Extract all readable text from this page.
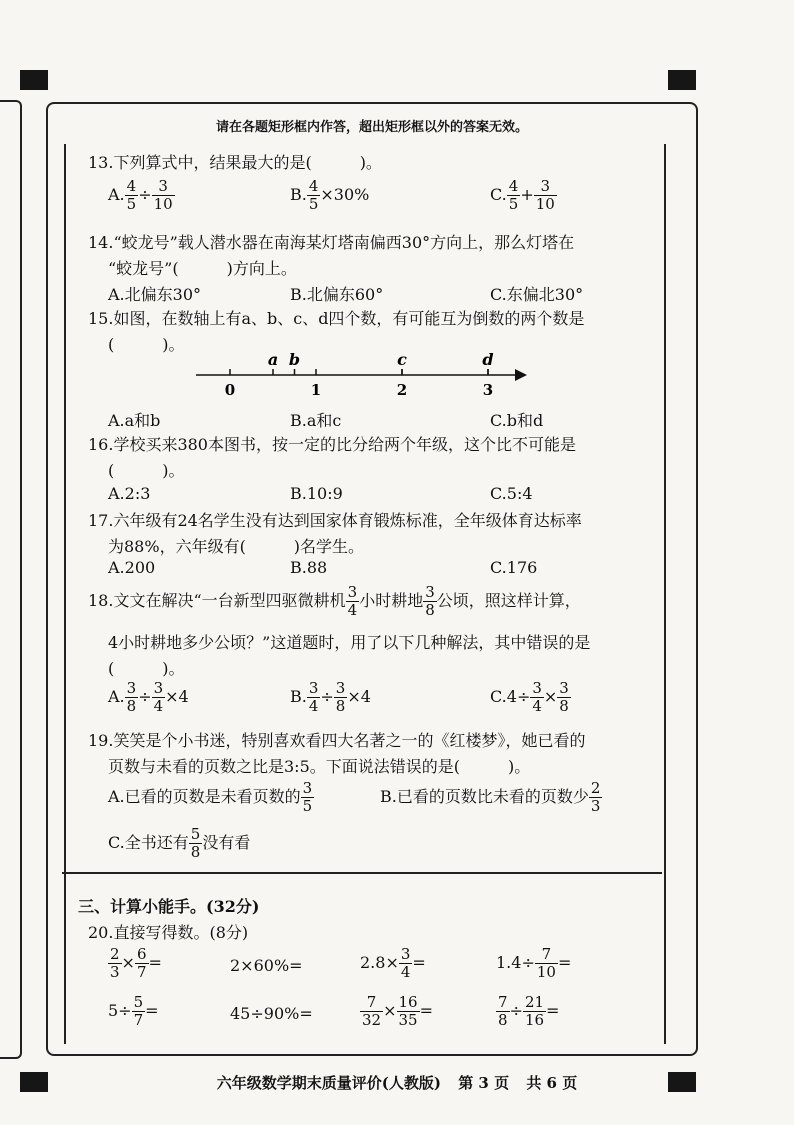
请在各题矩形框内作答，超出矩形框以外的答案无效。
13.下列算式中，结果最大的是(　　　)。
A. $\frac{4}{5} \div \frac{3}{10}$	B. $\frac{4}{5} \times 30\%$	C. $\frac{4}{5} + \frac{3}{10}$
14.“蛟龙号”载人潜水器在南海某灯塔南偏西30°方向上，那么灯塔在
“蛟龙号”(　　　)方向上。
A.北偏东30°	B.北偏东60°	C.东偏北30°
15.如图，在数轴上有a、b、c、d四个数，有可能互为倒数的两个数是
(　　　)。
0	1	2	3
a b	c	d
A.a和b	B.a和c	C.b和d
16.学校买来380本图书，按一定的比分给两个年级，这个比不可能是
(　　　)。
A.2:3	B.10:9	C.5:4
17.六年级有24名学生没有达到国家体育锻炼标准，全年级体育达标率
为88%，六年级有(　　　)名学生。
A.200	B.88	C.176
18.文文在解决“一台新型四驱微耕机 $\frac{3}{4}$ 小时耕地 $\frac{3}{8}$ 公顷，照这样计算，
4小时耕地多少公顷？”这道题时，用了以下几种解法，其中错误的是
(　　　)。
A. $\frac{3}{8} \div \frac{3}{4} \times 4$	B. $\frac{3}{4} \div \frac{3}{8} \times 4$	$C.4\div \frac{3}{4} \times \frac{3}{8}$
19.笑笑是个小书迷，特别喜欢看四大名著之一的《红楼梦》，她已看的
页数与未看的页数之比是3:5。下面说法错误的是(　　　)。
A.已看的页数是未看页数的 $\frac{3}{5}$	B.已看的页数比未看的页数少 $\frac{2}{3}$
C.全书还有 $\frac{5}{8}$ 没有看
三、计算小能手。(32分)
20.直接写得数。(8分)
$\frac{2}{3} \times \frac{6}{7}$ =	2×60%=	$2.8\times \frac{3}{4}$ =	$1.4\div \frac{7}{10}$ =
$5\div \frac{5}{7}$ =	45÷90%=	$\frac{7}{32} \times \frac{16}{35}$ =	$\frac{7}{8} \div \frac{21}{16}$ =
六年级数学期末质量评价(人教版) 第 3 页 共 6 页
